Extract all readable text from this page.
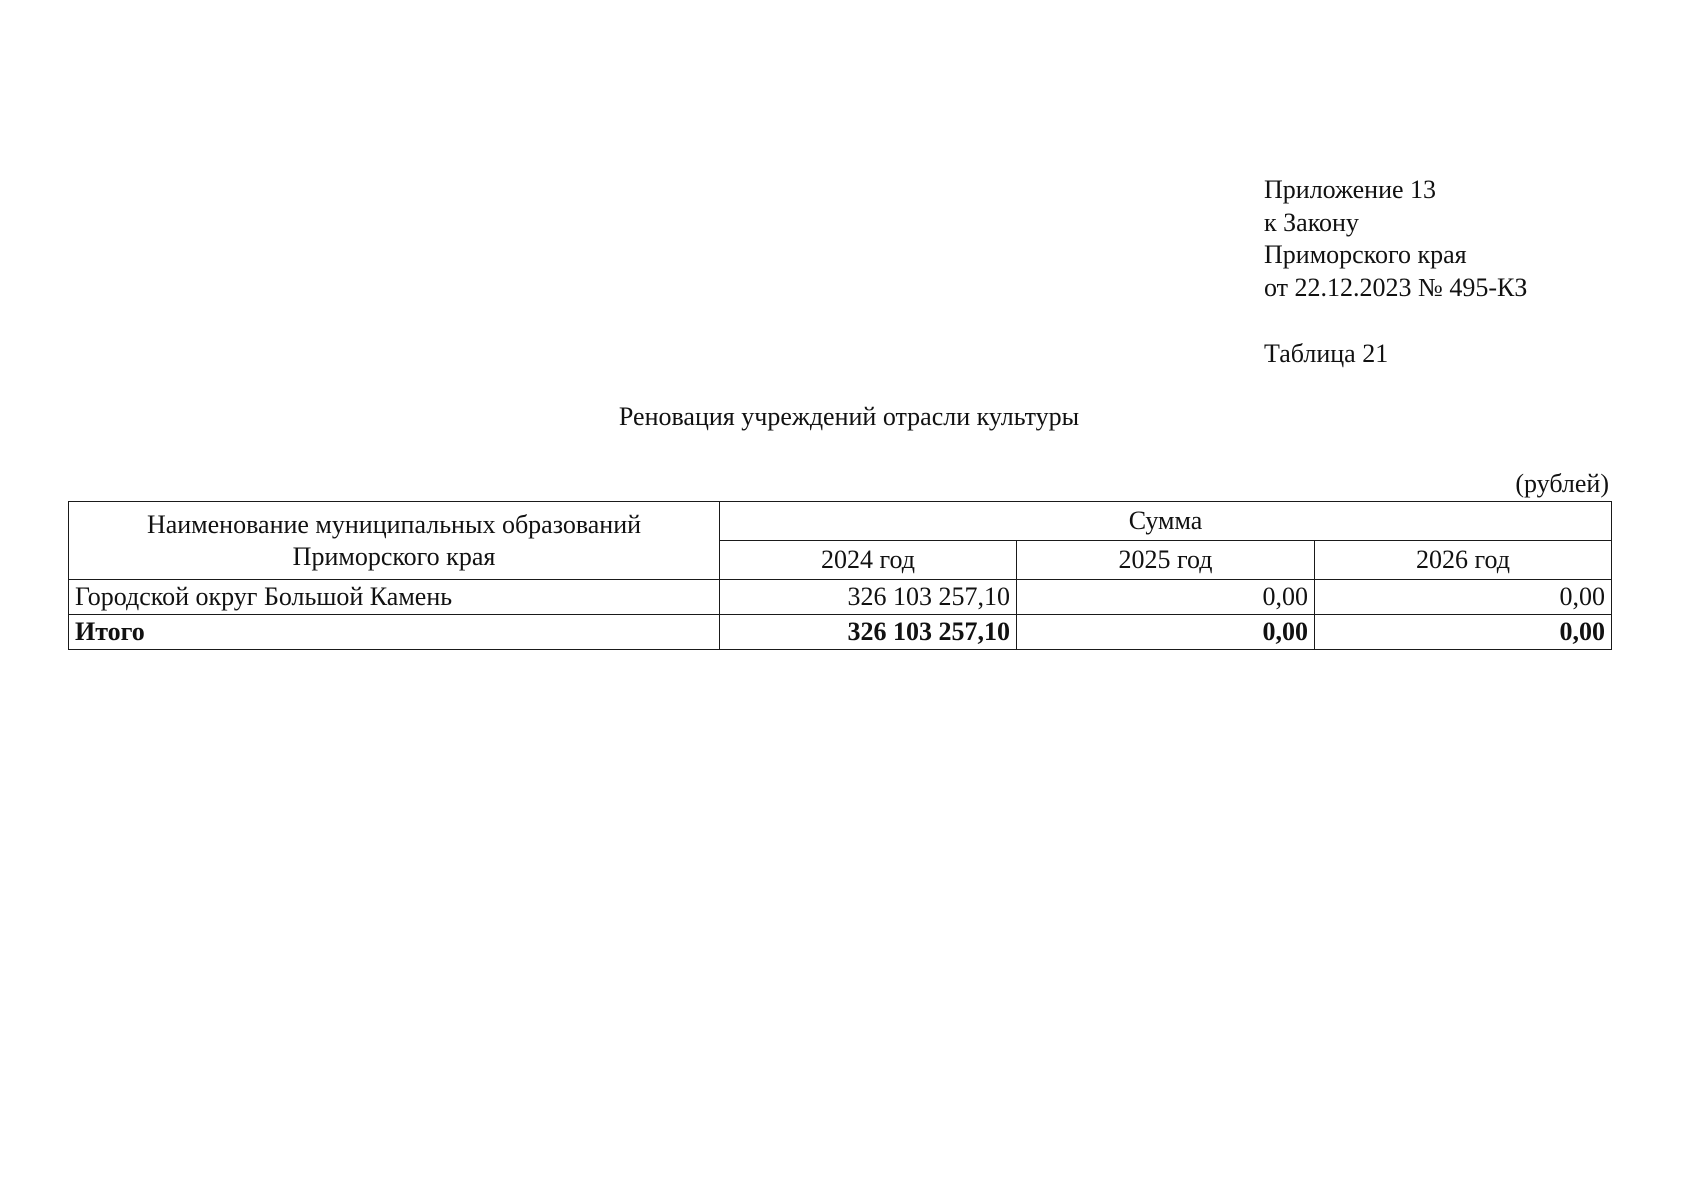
Приложение 13
к Закону
Приморского края
от 22.12.2023 № 495-КЗ
Таблица 21
Реновация учреждений отрасли культуры
(рублей)
Наименование муниципальных образований Приморского края	Сумма		
	2024 год	2025 год	2026 год
Городской округ Большой Камень	326 103 257,10	0,00	0,00
Итого	326 103 257,10	0,00	0,00
